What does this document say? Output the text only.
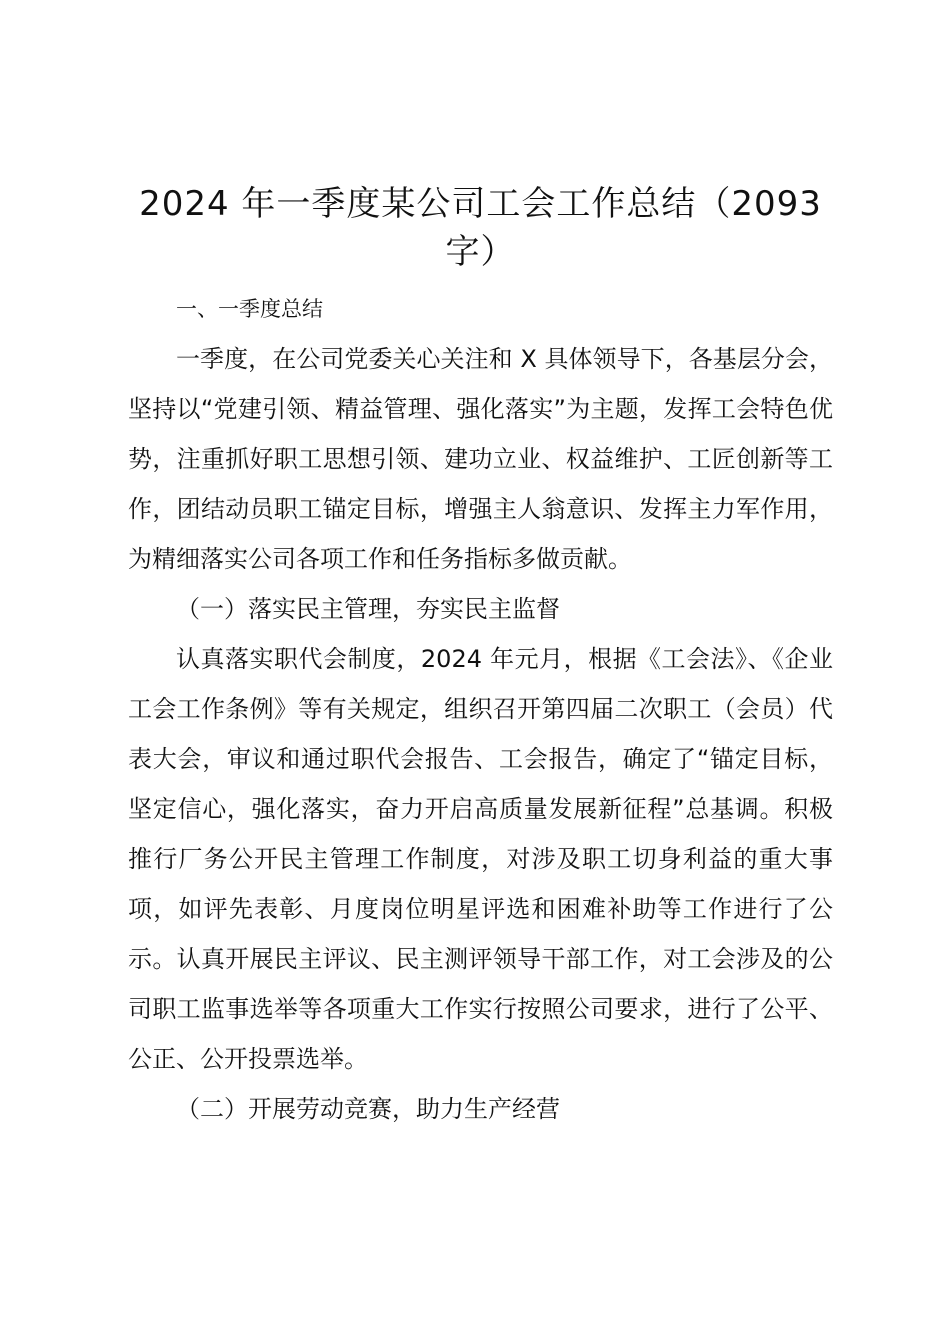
2024 年一季度某公司工会工作总结（2093 字）

一、一季度总结

一季度，在公司党委关心关注和 X 具体领导下，各基层分会，坚持以“党建引领、精益管理、强化落实”为主题，发挥工会特色优势，注重抓好职工思想引领、建功立业、权益维护、工匠创新等工作，团结动员职工锚定目标，增强主人翁意识、发挥主力军作用，为精细落实公司各项工作和任务指标多做贡献。

（一）落实民主管理，夯实民主监督

认真落实职代会制度，2024 年元月，根据《工会法》、《企业工会工作条例》等有关规定，组织召开第四届二次职工（会员）代表大会，审议和通过职代会报告、工会报告，确定了“锚定目标，坚定信心，强化落实，奋力开启高质量发展新征程”总基调。积极推行厂务公开民主管理工作制度，对涉及职工切身利益的重大事项，如评先表彰、月度岗位明星评选和困难补助等工作进行了公示。认真开展民主评议、民主测评领导干部工作，对工会涉及的公司职工监事选举等各项重大工作实行按照公司要求，进行了公平、公正、公开投票选举。

（二）开展劳动竞赛，助力生产经营
